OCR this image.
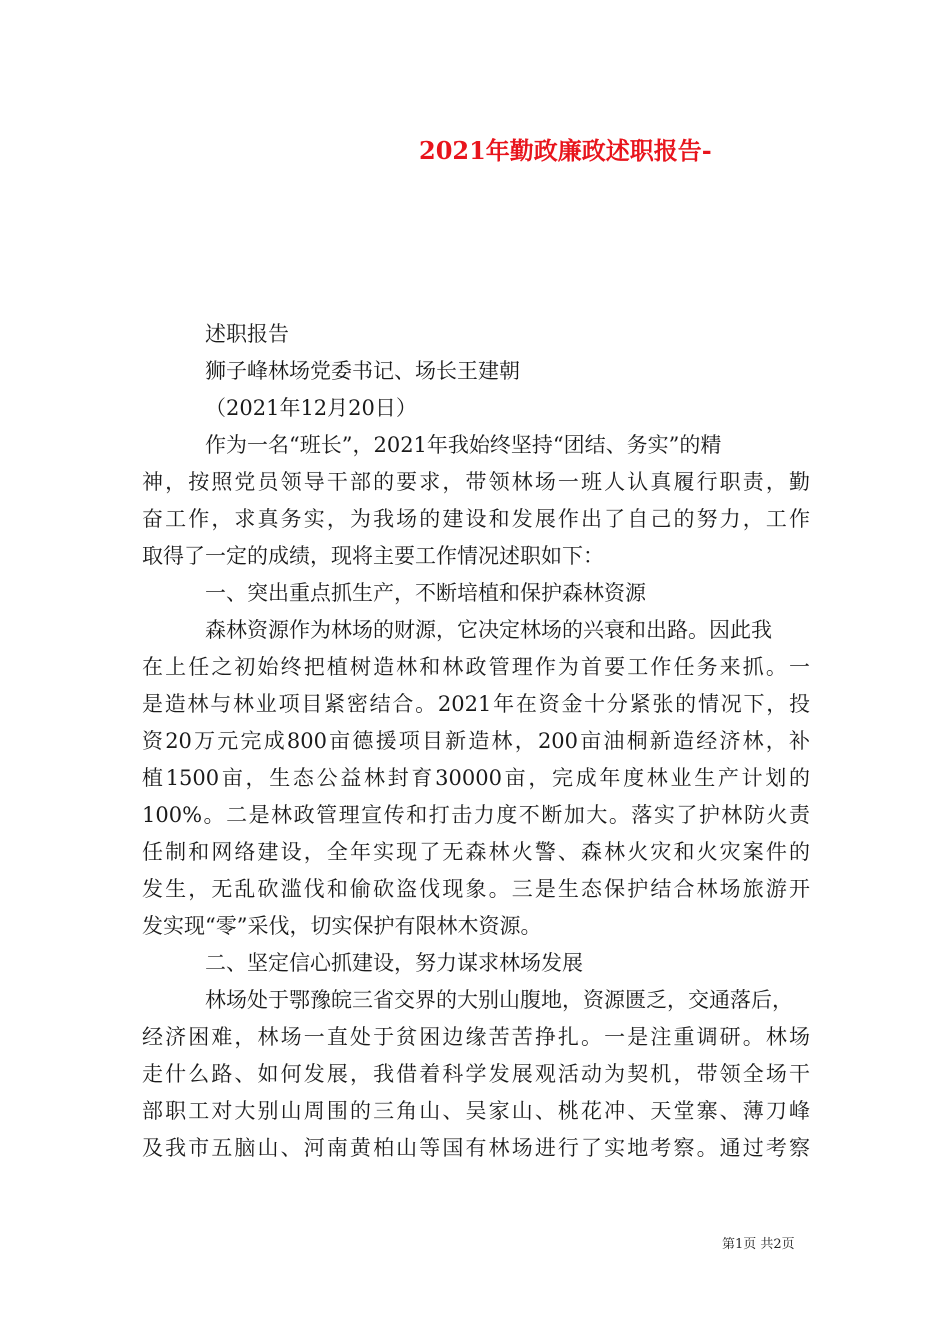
2021年勤政廉政述职报告-
述职报告
狮子峰林场党委书记、场长王建朝
（2021年12月20日）
作为一名“班长”，2021年我始终坚持“团结、务实”的精
神，按照党员领导干部的要求，带领林场一班人认真履行职责，勤
奋工作，求真务实，为我场的建设和发展作出了自己的努力，工作
取得了一定的成绩，现将主要工作情况述职如下：
一、突出重点抓生产，不断培植和保护森林资源
森林资源作为林场的财源，它决定林场的兴衰和出路。因此我
在上任之初始终把植树造林和林政管理作为首要工作任务来抓。一
是造林与林业项目紧密结合。2021年在资金十分紧张的情况下，投
资20万元完成800亩德援项目新造林，200亩油桐新造经济林，补
植1500亩，生态公益林封育30000亩，完成年度林业生产计划的
100%。二是林政管理宣传和打击力度不断加大。落实了护林防火责
任制和网络建设，全年实现了无森林火警、森林火灾和火灾案件的
发生，无乱砍滥伐和偷砍盗伐现象。三是生态保护结合林场旅游开
发实现“零”采伐，切实保护有限林木资源。
二、坚定信心抓建设，努力谋求林场发展
林场处于鄂豫皖三省交界的大别山腹地，资源匮乏，交通落后，
经济困难，林场一直处于贫困边缘苦苦挣扎。一是注重调研。林场
走什么路、如何发展，我借着科学发展观活动为契机，带领全场干
部职工对大别山周围的三角山、吴家山、桃花冲、天堂寨、薄刀峰
及我市五脑山、河南黄柏山等国有林场进行了实地考察。通过考察
第1页 共2页
